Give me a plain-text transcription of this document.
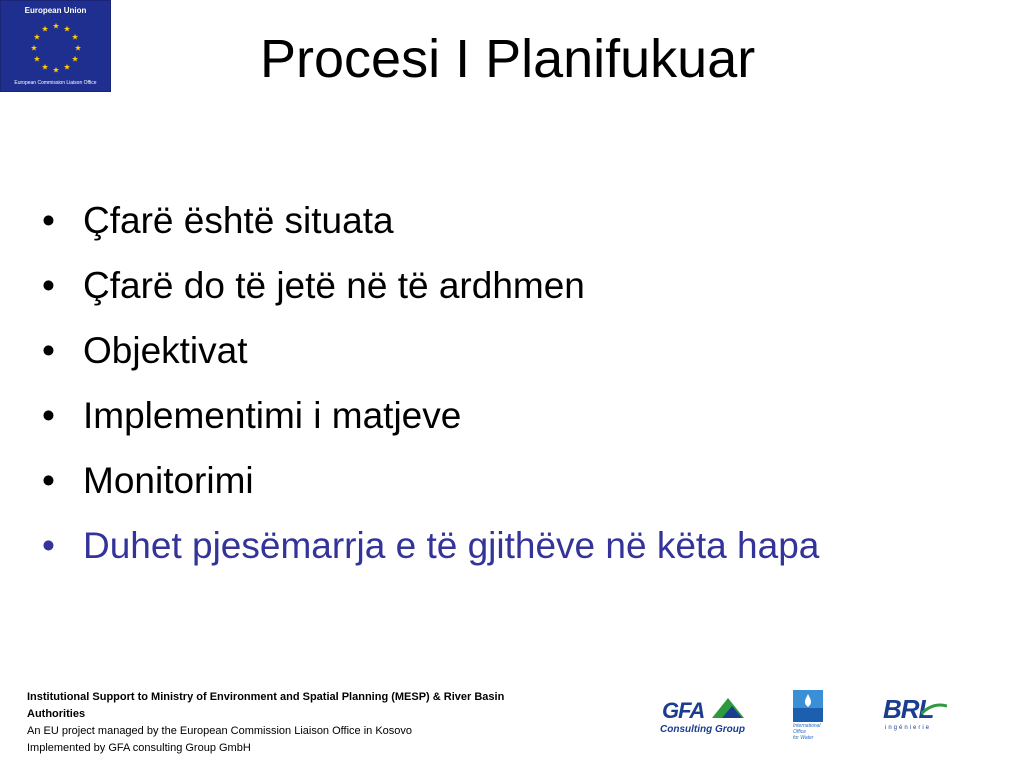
European Union
European Commission Liaison Office	Procesi I Planifukuar
• Çfarë është situata
• Çfarë do të jetë në të ardhmen
• Objektivat
• Implementimi i matjeve
• Monitorimi
• Duhet pjesëmarrja e të gjithëve në këta hapa
Institutional Support to Ministry of Environment and Spatial Planning (MESP) & River Basin Authorities
An EU project managed by the European Commission Liaison Office in Kosovo
Implemented by GFA consulting Group GmbH
GFA
Consulting Group	International
Office
for Water
BRL
ingénierie
